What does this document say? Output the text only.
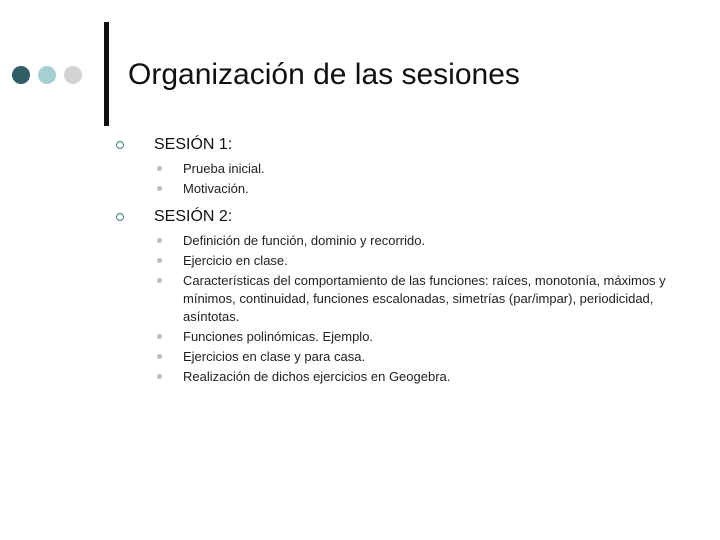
Organización de las sesiones
SESIÓN 1:
Prueba inicial.
Motivación.
SESIÓN 2:
Definición de función, dominio y recorrido.
Ejercicio en clase.
Características del comportamiento de las funciones: raíces, monotonía, máximos y mínimos, continuidad, funciones escalonadas, simetrías (par/impar), periodicidad, asíntotas.
Funciones polinómicas. Ejemplo.
Ejercicios en clase y para casa.
Realización de dichos ejercicios en Geogebra.
